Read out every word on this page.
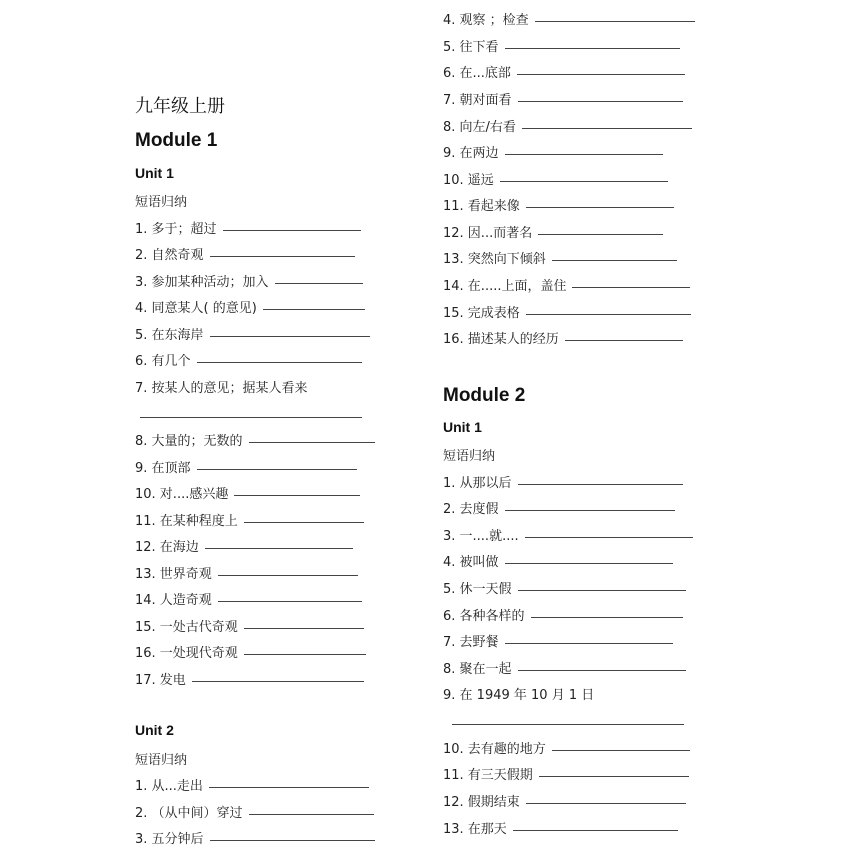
九年级上册
Module 1
Unit 1
短语归纳
1. 多于；超过
2. 自然奇观
3. 参加某种活动；加入
4. 同意某人( 的意见)
5. 在东海岸
6. 有几个
7. 按某人的意见；据某人看来
8. 大量的；无数的
9. 在顶部
10. 对....感兴趣
11. 在某种程度上
12. 在海边
13. 世界奇观
14. 人造奇观
15. 一处古代奇观
16. 一处现代奇观
17. 发电
Unit 2
短语归纳
1. 从...走出
2. （从中间）穿过
3. 五分钟后
4. 观察 ；检查
5. 往下看
6. 在...底部
7. 朝对面看
8. 向左/右看
9. 在两边
10. 遥远
11. 看起来像
12. 因...而著名
13. 突然向下倾斜
14. 在.....上面，盖住
15. 完成表格
16. 描述某人的经历
Module 2
Unit 1
短语归纳
1. 从那以后
2. 去度假
3. 一....就....
4. 被叫做
5. 休一天假
6. 各种各样的
7. 去野餐
8. 聚在一起
9. 在 1949 年 10 月 1 日
10. 去有趣的地方
11. 有三天假期
12. 假期结束
13. 在那天
